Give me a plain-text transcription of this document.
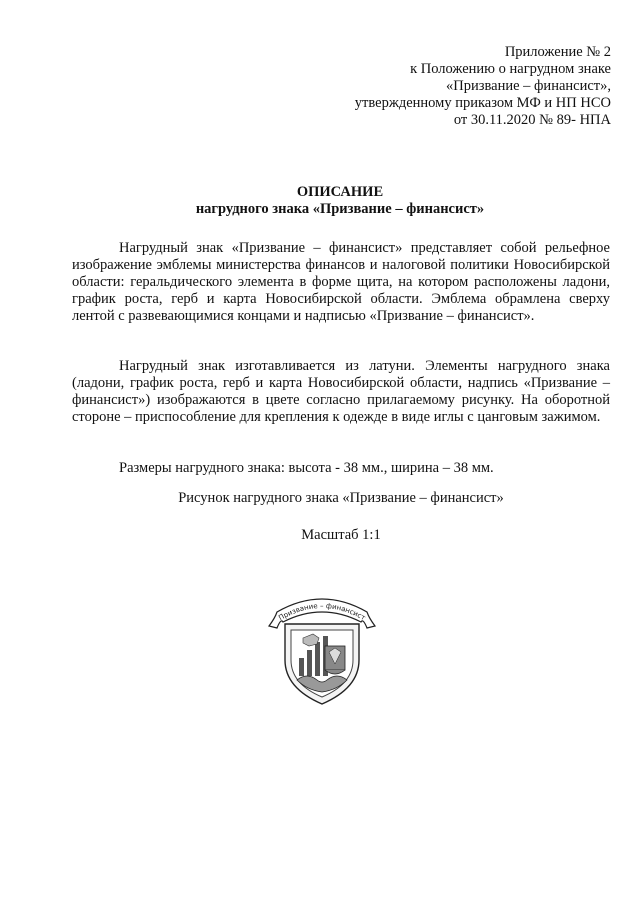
Приложение № 2
к Положению о нагрудном знаке
«Призвание – финансист»,
утвержденному приказом МФ и НП НСО
от 30.11.2020 № 89- НПА
ОПИСАНИЕ
нагрудного знака «Призвание – финансист»
Нагрудный знак «Призвание – финансист» представляет собой рельефное изображение эмблемы министерства финансов и налоговой политики Новосибирской области: геральдического элемента в форме щита, на котором расположены ладони, график роста, герб и карта Новосибирской области. Эмблема обрамлена сверху лентой с развевающимися концами и надписью «Призвание – финансист».
Нагрудный знак изготавливается из латуни. Элементы нагрудного знака (ладони, график роста, герб и карта Новосибирской области, надпись «Призвание – финансист») изображаются в цвете согласно прилагаемому рисунку. На оборотной стороне – приспособление для крепления к одежде в виде иглы с цанговым зажимом.
Размеры нагрудного знака: высота - 38 мм., ширина – 38 мм.
Рисунок нагрудного знака «Призвание – финансист»
Масштаб 1:1
Призвание – финансист
